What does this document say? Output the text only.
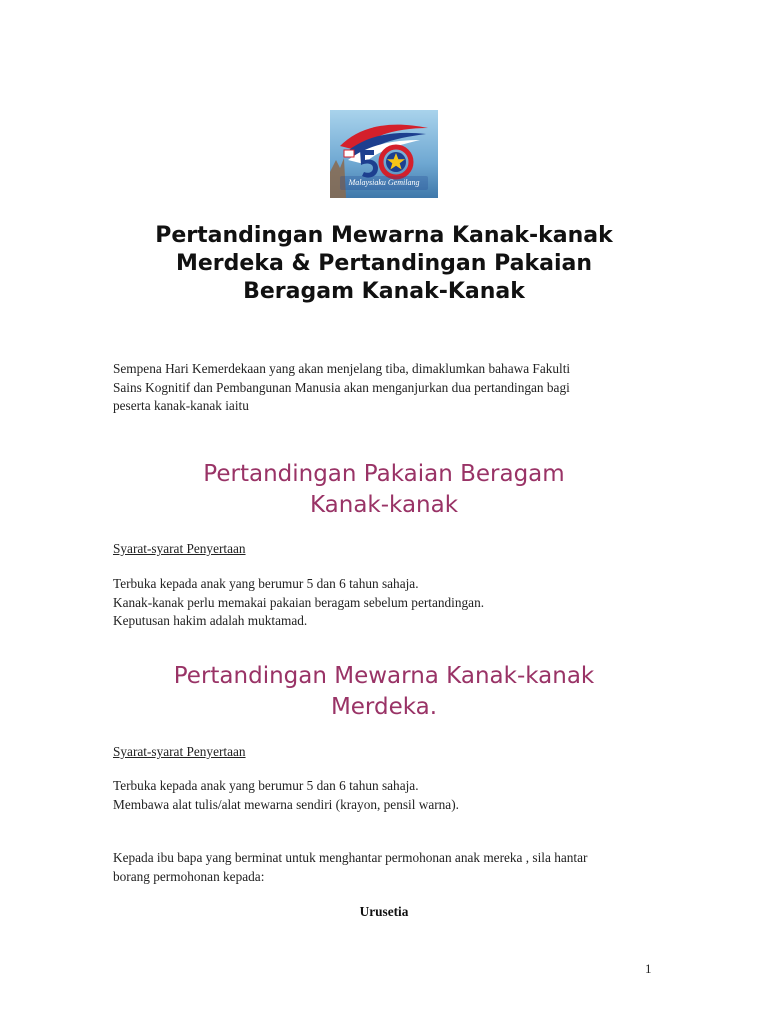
Malaysiaku Gemilang
Pertandingan Mewarna Kanak-kanak
Merdeka & Pertandingan Pakaian
Beragam Kanak-Kanak
Sempena Hari Kemerdekaan yang akan menjelang tiba, dimaklumkan bahawa Fakulti
Sains Kognitif dan Pembangunan Manusia akan menganjurkan dua pertandingan bagi
peserta kanak-kanak iaitu
Pertandingan Pakaian Beragam
Kanak-kanak
Syarat-syarat Penyertaan
Terbuka kepada anak yang berumur 5 dan 6 tahun sahaja.
Kanak-kanak perlu memakai pakaian beragam sebelum pertandingan.
Keputusan hakim adalah muktamad.
Pertandingan Mewarna Kanak-kanak
Merdeka.
Syarat-syarat Penyertaan
Terbuka kepada anak yang berumur 5 dan 6 tahun sahaja.
Membawa alat tulis/alat mewarna sendiri (krayon, pensil warna).
Kepada ibu bapa yang berminat untuk menghantar permohonan anak mereka , sila hantar
borang permohonan kepada:
Urusetia
1
